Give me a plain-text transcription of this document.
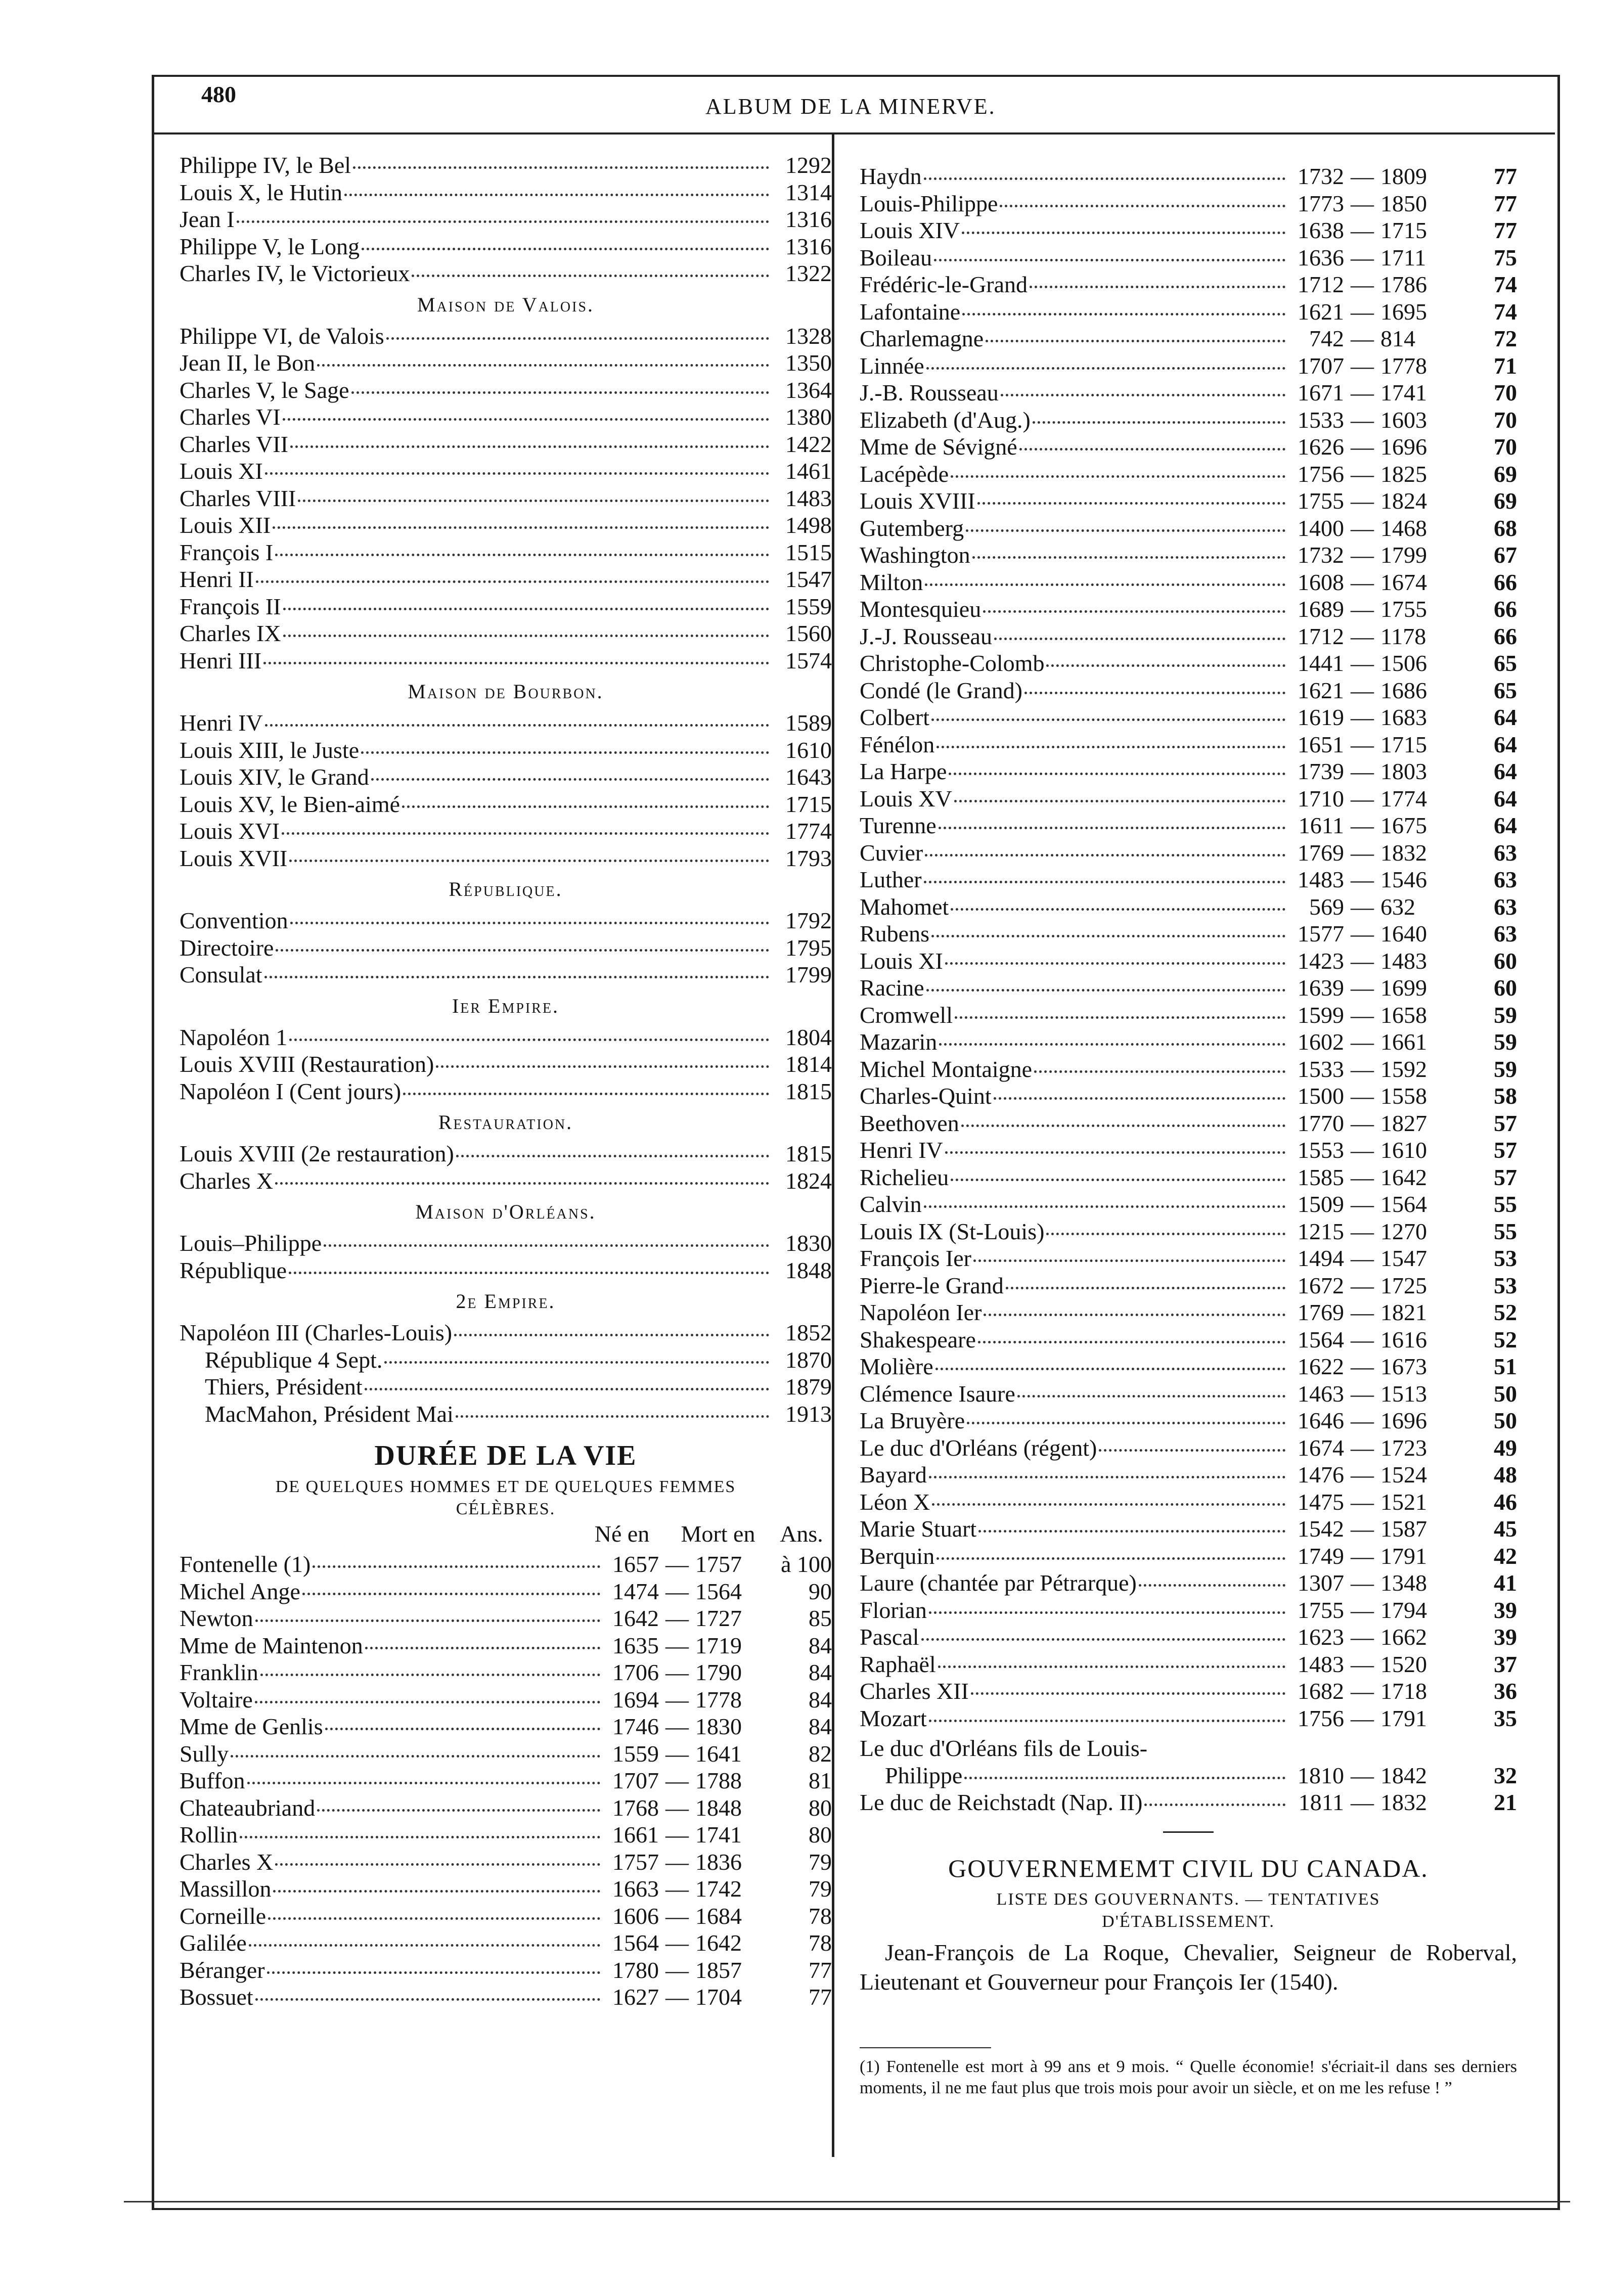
480	ALBUM DE LA MINERVE.
Philippe IV, le Bel	1292
Louis X, le Hutin	1314
Jean I	1316
Philippe V, le Long	1316
Charles IV, le Victorieux	1322
Maison de Valois.
Philippe VI, de Valois	1328
Jean II, le Bon	1350
Charles V, le Sage	1364
Charles VI	1380
Charles VII	1422
Louis XI	1461
Charles VIII	1483
Louis XII	1498
François I	1515
Henri II	1547
François II	1559
Charles IX	1560
Henri III	1574
Maison de Bourbon.
Henri IV	1589
Louis XIII, le Juste	1610
Louis XIV, le Grand	1643
Louis XV, le Bien-aimé	1715
Louis XVI	1774
Louis XVII	1793
République.
Convention	1792
Directoire	1795
Consulat	1799
Ier Empire.
Napoléon 1	1804
Louis XVIII (Restauration)	1814
Napoléon I (Cent jours)	1815
Restauration.
Louis XVIII (2e restauration)	1815
Charles X	1824
Maison d'Orléans.
Louis–Philippe	1830
République	1848
2e Empire.
Napoléon III (Charles-Louis)	1852
République 4 Sept.	1870
Thiers, Président	1879
MacMahon, Président Mai	1913
DURÉE DE LA VIE
DE QUELQUES HOMMES ET DE QUELQUES FEMMES
CÉLÈBRES.
Né en	Mort en	Ans.
Fontenelle (1)	1657 — 1757	à 100
Michel Ange	1474 — 1564	90
Newton	1642 — 1727	85
Mme de Maintenon	1635 — 1719	84
Franklin	1706 — 1790	84
Voltaire	1694 — 1778	84
Mme de Genlis	1746 — 1830	84
Sully	1559 — 1641	82
Buffon	1707 — 1788	81
Chateaubriand	1768 — 1848	80
Rollin	1661 — 1741	80
Charles X	1757 — 1836	79
Massillon	1663 — 1742	79
Corneille	1606 — 1684	78
Galilée	1564 — 1642	78
Béranger	1780 — 1857	77
Bossuet	1627 — 1704	77
Haydn	1732 — 1809	77
Louis-Philippe	1773 — 1850	77
Louis XIV	1638 — 1715	77
Boileau	1636 — 1711	75
Frédéric-le-Grand	1712 — 1786	74
Lafontaine	1621 — 1695	74
Charlemagne	742 — 814	72
Linnée	1707 — 1778	71
J.-B. Rousseau	1671 — 1741	70
Elizabeth (d'Aug.)	1533 — 1603	70
Mme de Sévigné	1626 — 1696	70
Lacépède	1756 — 1825	69
Louis XVIII	1755 — 1824	69
Gutemberg	1400 — 1468	68
Washington	1732 — 1799	67
Milton	1608 — 1674	66
Montesquieu	1689 — 1755	66
J.-J. Rousseau	1712 — 1178	66
Christophe-Colomb	1441 — 1506	65
Condé (le Grand)	1621 — 1686	65
Colbert	1619 — 1683	64
Fénélon	1651 — 1715	64
La Harpe	1739 — 1803	64
Louis XV	1710 — 1774	64
Turenne	1611 — 1675	64
Cuvier	1769 — 1832	63
Luther	1483 — 1546	63
Mahomet	569 — 632	63
Rubens	1577 — 1640	63
Louis XI	1423 — 1483	60
Racine	1639 — 1699	60
Cromwell	1599 — 1658	59
Mazarin	1602 — 1661	59
Michel Montaigne	1533 — 1592	59
Charles-Quint	1500 — 1558	58
Beethoven	1770 — 1827	57
Henri IV	1553 — 1610	57
Richelieu	1585 — 1642	57
Calvin	1509 — 1564	55
Louis IX (St-Louis)	1215 — 1270	55
François Ier	1494 — 1547	53
Pierre-le Grand	1672 — 1725	53
Napoléon Ier	1769 — 1821	52
Shakespeare	1564 — 1616	52
Molière	1622 — 1673	51
Clémence Isaure	1463 — 1513	50
La Bruyère	1646 — 1696	50
Le duc d'Orléans (régent)	1674 — 1723	49
Bayard	1476 — 1524	48
Léon X	1475 — 1521	46
Marie Stuart	1542 — 1587	45
Berquin	1749 — 1791	42
Laure (chantée par Pétrarque)	1307 — 1348	41
Florian	1755 — 1794	39
Pascal	1623 — 1662	39
Raphaël	1483 — 1520	37
Charles XII	1682 — 1718	36
Mozart	1756 — 1791	35
Le duc d'Orléans fils de Louis-
Philippe	1810 — 1842	32
Le duc de Reichstadt (Nap. II)	1811 — 1832	21
GOUVERNEMEMT CIVIL DU CANADA.
LISTE DES GOUVERNANTS. — TENTATIVES
D'ÉTABLISSEMENT.
Jean-François de La Roque, Chevalier, Seigneur de Roberval, Lieutenant et Gouverneur pour François Ier (1540).
(1) Fontenelle est mort à 99 ans et 9 mois. “ Quelle économie! s'écriait-il dans ses derniers moments, il ne me faut plus que trois mois pour avoir un siècle, et on me les refuse ! ”
